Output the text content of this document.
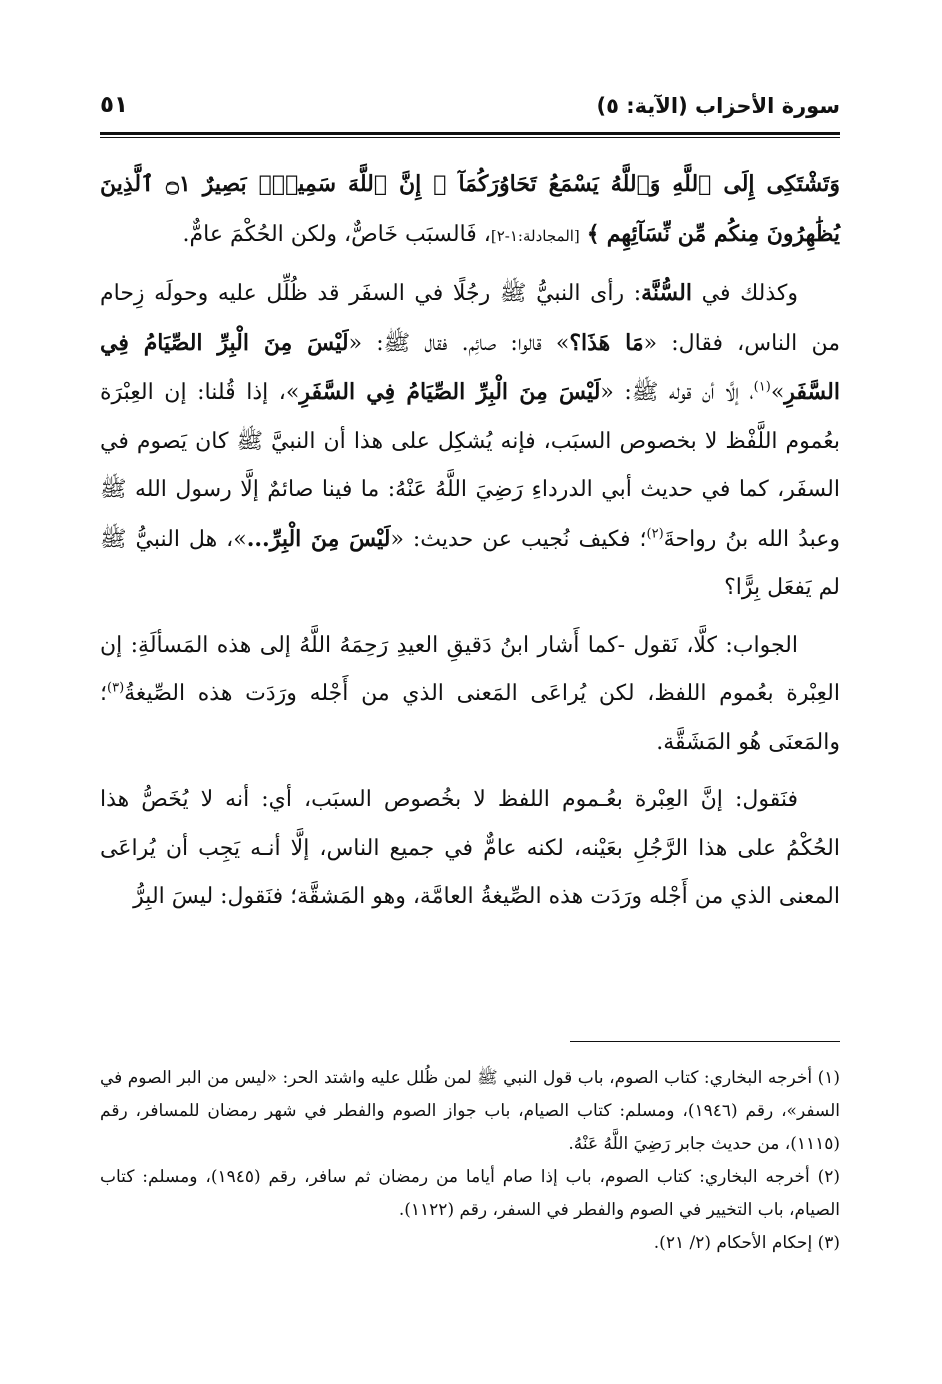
سورة الأحزاب (الآية: ٥)
٥١

وَتَشْتَكِى إِلَى ٱللَّهِ وَٱللَّهُ يَسْمَعُ تَحَاوُرَكُمَآ ۚ إِنَّ ٱللَّهَ سَمِيعٌۢ بَصِيرٌ ۝١ ٱلَّذِينَ يُظَٰهِرُونَ مِنكُم مِّن نِّسَآئِهِم ﴾ [المجادلة:١-٢]، فَالسبَب خَاصٌّ، ولكن الحُكْمَ عامٌّ.

وكذلك في السُّنَّة: رأى النبيُّ ﷺ رجُلًا في السفَر قد ظُلِّل عليه وحولَه زِحام من الناس، فقال: «مَا هَذَا؟» قالوا: صائِم. فقال ﷺ: «لَيْسَ مِنَ الْبِرِّ الصِّيَامُ فِي السَّفَرِ»$^{(١)}$، إلَّا أن قوله ﷺ: «لَيْسَ مِنَ الْبِرِّ الصِّيَامُ فِي السَّفَرِ»، إذا قُلنا: إن العِبْرَة بعُموم اللَّفْظ لا بخصوص السبَب، فإنه يُشكِل على هذا أن النبيَّ ﷺ كان يَصوم في السفَر، كما في حديث أبي الدرداءِ رَضِيَ اللَّهُ عَنْهُ: ما فينا صائمٌ إلَّا رسول الله ﷺ وعبدُ الله بنُ رواحةَ$^{(٢)}$؛ فكيف نُجيب عن حديث: «لَيْسَ مِنَ الْبِرِّ...»، هل النبيُّ ﷺ لم يَفعَل بِرًّا؟

الجواب: كلَّا، نَقول -كما أَشار ابنُ دَقيقِ العيدِ رَحِمَهُ اللَّهُ إلى هذه المَسألَةِ: إن العِبْرة بعُموم اللفظ، لكن يُراعَى المَعنى الذي من أَجْله ورَدَت هذه الصِّيغةُ$^{(٣)}$؛ والمَعنَى هُو المَشَقَّة.

فنَقول: إنَّ العِبْرة بعُـموم اللفظ لا بخُصوص السبَب، أي: أنه لا يُخَصُّ هذا الحُكْمُ على هذا الرَّجُلِ بعَيْنه، لكنه عامٌّ في جميع الناس، إلَّا أنـه يَجِب أن يُراعَى المعنى الذي من أَجْله ورَدَت هذه الصِّيغةُ العامَّة، وهو المَشقَّة؛ فنَقول: ليسَ البِرُّ

(١) أخرجه البخاري: كتاب الصوم، باب قول النبي ﷺ لمن ظُلل عليه واشتد الحر: «ليس من البر الصوم في السفر»، رقم (١٩٤٦)، ومسلم: كتاب الصيام، باب جواز الصوم والفطر في شهر رمضان للمسافر، رقم (١١١٥)، من حديث جابر رَضِيَ اللَّهُ عَنْهُ.

(٢) أخرجه البخاري: كتاب الصوم، باب إذا صام أياما من رمضان ثم سافر، رقم (١٩٤٥)، ومسلم: كتاب الصيام، باب التخيير في الصوم والفطر في السفر، رقم (١١٢٢).

(٣) إحكام الأحكام (٢/ ٢١).
